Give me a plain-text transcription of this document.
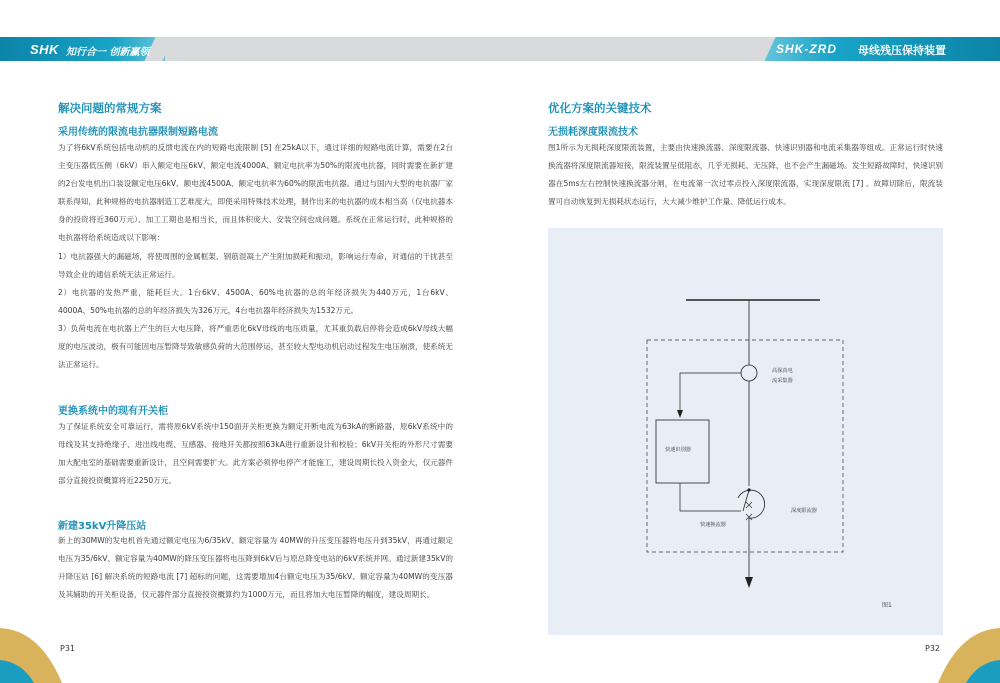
SHK 知行合一 创新赢领	SHK-ZRD 母线残压保持装置
解决问题的常规方案
采用传统的限流电抗器限制短路电流

为了将6kV系统包括电动机的反馈电流在内的短路电流限制 [5] 在25kA以下，通过详细的短路电流计算，需要在2台主变压器低压侧（6kV）串入额定电压6kV、额定电流4000A、额定电抗率为50%的限流电抗器，同时需要在新扩建的2台发电机出口装设额定电压6kV、额电流4500A、额定电抗率为60%的限流电抗器。通过与国内大型的电抗器厂家联系得知，此种规格的电抗器制造工艺难度大，即使采用特殊技术处理，制作出来的电抗器的成本相当高（仅电抗器本身的投资将近360万元）、加工工期也是相当长，而且体积庞大、安装空间也成问题。系统在正常运行时，此种规格的电抗器将给系统造成以下影响：

1）电抗器强大的漏磁场，将使周围的金属框架、钢筋混凝土产生附加损耗和振动，影响运行寿命，对通信的干扰甚至导致企业的通信系统无法正常运行。

2）电抗器的发热严重，能耗巨大。1台6kV、4500A、60%电抗器的总的年经济损失为440万元，1台6kV、4000A、50%电抗器的总的年经济损失为326万元，4台电抗器年经济损失为1532万元。

3）负荷电流在电抗器上产生的巨大电压降，将严重恶化6kV母线的电压质量，尤其重负载启停将会造成6kV母线大幅度的电压波动，极有可能因电压暂降导致敏感负荷的大范围停运，甚至较大型电动机启动过程发生电压崩溃，使系统无法正常运行。

更换系统中的现有开关柜

为了保证系统安全可靠运行，需将原6kV系统中150面开关柜更换为额定开断电流为63kA的断路器，原6kV系统中的母线及其支持绝缘子、进出线电缆、互感器、接地开关都按照63kA进行重新设计和校验；6kV开关柜的外形尺寸需要加大配电室的基础需要重新设计，且空间需要扩大。此方案必须停电停产才能施工，建设周期长投入资金大，仅元器件部分直接投资概算将近2250万元。

新建35kV升降压站

新上的30MW的发电机首先通过额定电压为6/35kV、额定容量为 40MW的升压变压器将电压升到35kV，再通过额定电压为35/6kV、额定容量为40MW的降压变压器将电压降到6kV后与原总降变电站的6kV系统并网。通过新建35kV的升降压站 [6] 解决系统的短路电流 [7] 超标的问题，这需要增加4台额定电压为35/6kV、额定容量为40MW的变压器及其辅助的开关柜设备，仅元器件部分直接投资概算约为1000万元，而且将加大电压暂降的幅度，建设周期长。

优化方案的关键技术
无损耗深度限流技术

图1所示为无损耗深度限流装置，主要由快速换流器、深度限流器、快速识别器和电流采集器等组成。正常运行时快速换流器将深度限流器短接，限流装置呈低阻态，几乎无损耗、无压降，也不会产生漏磁场。发生短路故障时，快速识别器在5ms左右控制快速换流器分闸，在电流第一次过零点投入深度限流器，实现深度限流 [7] 。故障切除后，限流装置可自动恢复到无损耗状态运行，大大减少维护工作量、降低运行成本。

高保真电
流采集器
快速识别器
深度限流器
快速换流器
图1
P31	P32
